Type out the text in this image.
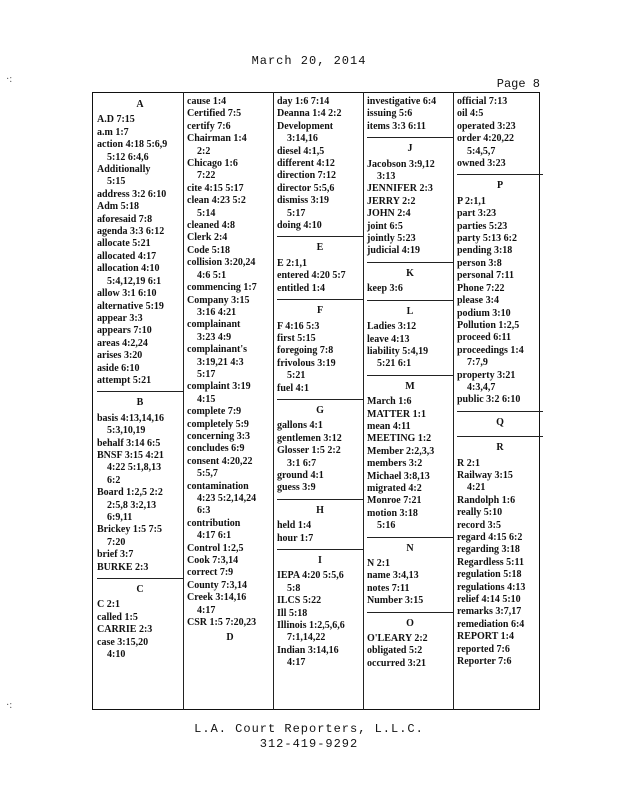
March 20, 2014
Page 8
·:
·:
A
A.D 7:15
a.m 1:7
action 4:18 5:6,9
5:12 6:4,6
Additionally
5:15
address 3:2 6:10
Adm 5:18
aforesaid 7:8
agenda 3:3 6:12
allocate 5:21
allocated 4:17
allocation 4:10
5:4,12,19 6:1
allow 3:1 6:10
alternative 5:19
appear 3:3
appears 7:10
areas 4:2,24
arises 3:20
aside 6:10
attempt 5:21
B
basis 4:13,14,16
5:3,10,19
behalf 3:14 6:5
BNSF 3:15 4:21
4:22 5:1,8,13
6:2
Board 1:2,5 2:2
2:5,8 3:2,13
6:9,11
Brickey 1:5 7:5
7:20
brief 3:7
BURKE 2:3
C
C 2:1
called 1:5
CARRIE 2:3
case 3:15,20
4:10
cause 1:4
Certified 7:5
certify 7:6
Chairman 1:4
2:2
Chicago 1:6
7:22
cite 4:15 5:17
clean 4:23 5:2
5:14
cleaned 4:8
Clerk 2:4
Code 5:18
collision 3:20,24
4:6 5:1
commencing 1:7
Company 3:15
3:16 4:21
complainant
3:23 4:9
complainant's
3:19,21 4:3
5:17
complaint 3:19
4:15
complete 7:9
completely 5:9
concerning 3:3
concludes 6:9
consent 4:20,22
5:5,7
contamination
4:23 5:2,14,24
6:3
contribution
4:17 6:1
Control 1:2,5
Cook 7:3,14
correct 7:9
County 7:3,14
Creek 3:14,16
4:17
CSR 1:5 7:20,23
D
day 1:6 7:14
Deanna 1:4 2:2
Development
3:14,16
diesel 4:1,5
different 4:12
direction 7:12
director 5:5,6
dismiss 3:19
5:17
doing 4:10
E
E 2:1,1
entered 4:20 5:7
entitled 1:4
F
F 4:16 5:3
first 5:15
foregoing 7:8
frivolous 3:19
5:21
fuel 4:1
G
gallons 4:1
gentlemen 3:12
Glosser 1:5 2:2
3:1 6:7
ground 4:1
guess 3:9
H
held 1:4
hour 1:7
I
IEPA 4:20 5:5,6
5:8
ILCS 5:22
Ill 5:18
Illinois 1:2,5,6,6
7:1,14,22
Indian 3:14,16
4:17
investigative 6:4
issuing 5:6
items 3:3 6:11
J
Jacobson 3:9,12
3:13
JENNIFER 2:3
JERRY 2:2
JOHN 2:4
joint 6:5
jointly 5:23
judicial 4:19
K
keep 3:6
L
Ladies 3:12
leave 4:13
liability 5:4,19
5:21 6:1
M
March 1:6
MATTER 1:1
mean 4:11
MEETING 1:2
Member 2:2,3,3
members 3:2
Michael 3:8,13
migrated 4:2
Monroe 7:21
motion 3:18
5:16
N
N 2:1
name 3:4,13
notes 7:11
Number 3:15
O
O'LEARY 2:2
obligated 5:2
occurred 3:21
official 7:13
oil 4:5
operated 3:23
order 4:20,22
5:4,5,7
owned 3:23
P
P 2:1,1
part 3:23
parties 5:23
party 5:13 6:2
pending 3:18
person 3:8
personal 7:11
Phone 7:22
please 3:4
podium 3:10
Pollution 1:2,5
proceed 6:11
proceedings 1:4
7:7,9
property 3:21
4:3,4,7
public 3:2 6:10
Q
R
R 2:1
Railway 3:15
4:21
Randolph 1:6
really 5:10
record 3:5
regard 4:15 6:2
regarding 3:18
Regardless 5:11
regulation 5:18
regulations 4:13
relief 4:14 5:10
remarks 3:7,17
remediation 6:4
REPORT 1:4
reported 7:6
Reporter 7:6
L.A. Court Reporters, L.L.C.
312-419-9292
